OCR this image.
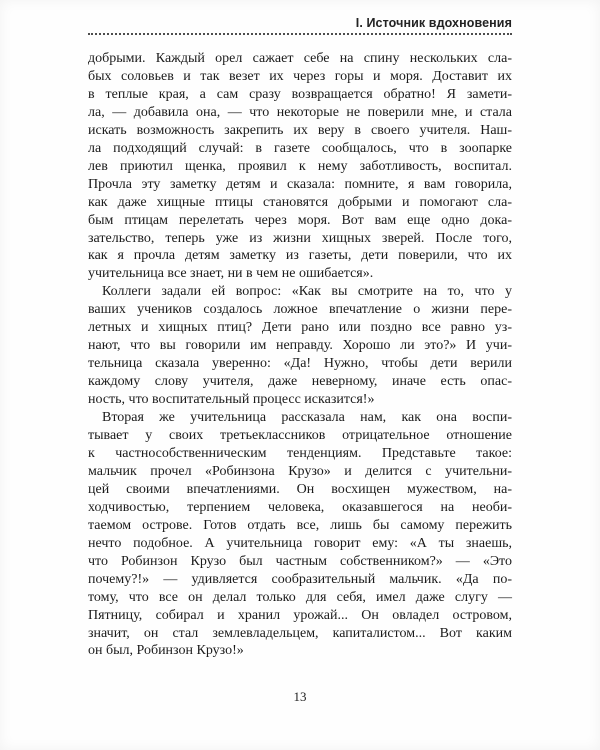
I. Источник вдохновения
добрыми. Каждый орел сажает себе на спину нескольких сла-
бых соловьев и так везет их через горы и моря. Доставит их
в теплые края, а сам сразу возвращается обратно! Я замети-
ла, — добавила она, — что некоторые не поверили мне, и стала
искать возможность закрепить их веру в своего учителя. Наш-
ла подходящий случай: в газете сообщалось, что в зоопарке
лев приютил щенка, проявил к нему заботливость, воспитал.
Прочла эту заметку детям и сказала: помните, я вам говорила,
как даже хищные птицы становятся добрыми и помогают сла-
бым птицам перелетать через моря. Вот вам еще одно дока-
зательство, теперь уже из жизни хищных зверей. После того,
как я прочла детям заметку из газеты, дети поверили, что их
учительница все знает, ни в чем не ошибается».
Коллеги задали ей вопрос: «Как вы смотрите на то, что у
ваших учеников создалось ложное впечатление о жизни пере-
летных и хищных птиц? Дети рано или поздно все равно уз-
нают, что вы говорили им неправду. Хорошо ли это?» И учи-
тельница сказала уверенно: «Да! Нужно, чтобы дети верили
каждому слову учителя, даже неверному, иначе есть опас-
ность, что воспитательный процесс исказится!»
Вторая же учительница рассказала нам, как она воспи-
тывает у своих третьеклассников отрицательное отношение
к частнособственническим тенденциям. Представьте такое:
мальчик прочел «Робинзона Крузо» и делится с учительни-
цей своими впечатлениями. Он восхищен мужеством, на-
ходчивостью, терпением человека, оказавшегося на необи-
таемом острове. Готов отдать все, лишь бы самому пережить
нечто подобное. А учительница говорит ему: «А ты знаешь,
что Робинзон Крузо был частным собственником?» — «Это
почему?!» — удивляется сообразительный мальчик. «Да по-
тому, что все он делал только для себя, имел даже слугу —
Пятницу, собирал и хранил урожай... Он овладел островом,
значит, он стал землевладельцем, капиталистом... Вот каким
он был, Робинзон Крузо!»
13
